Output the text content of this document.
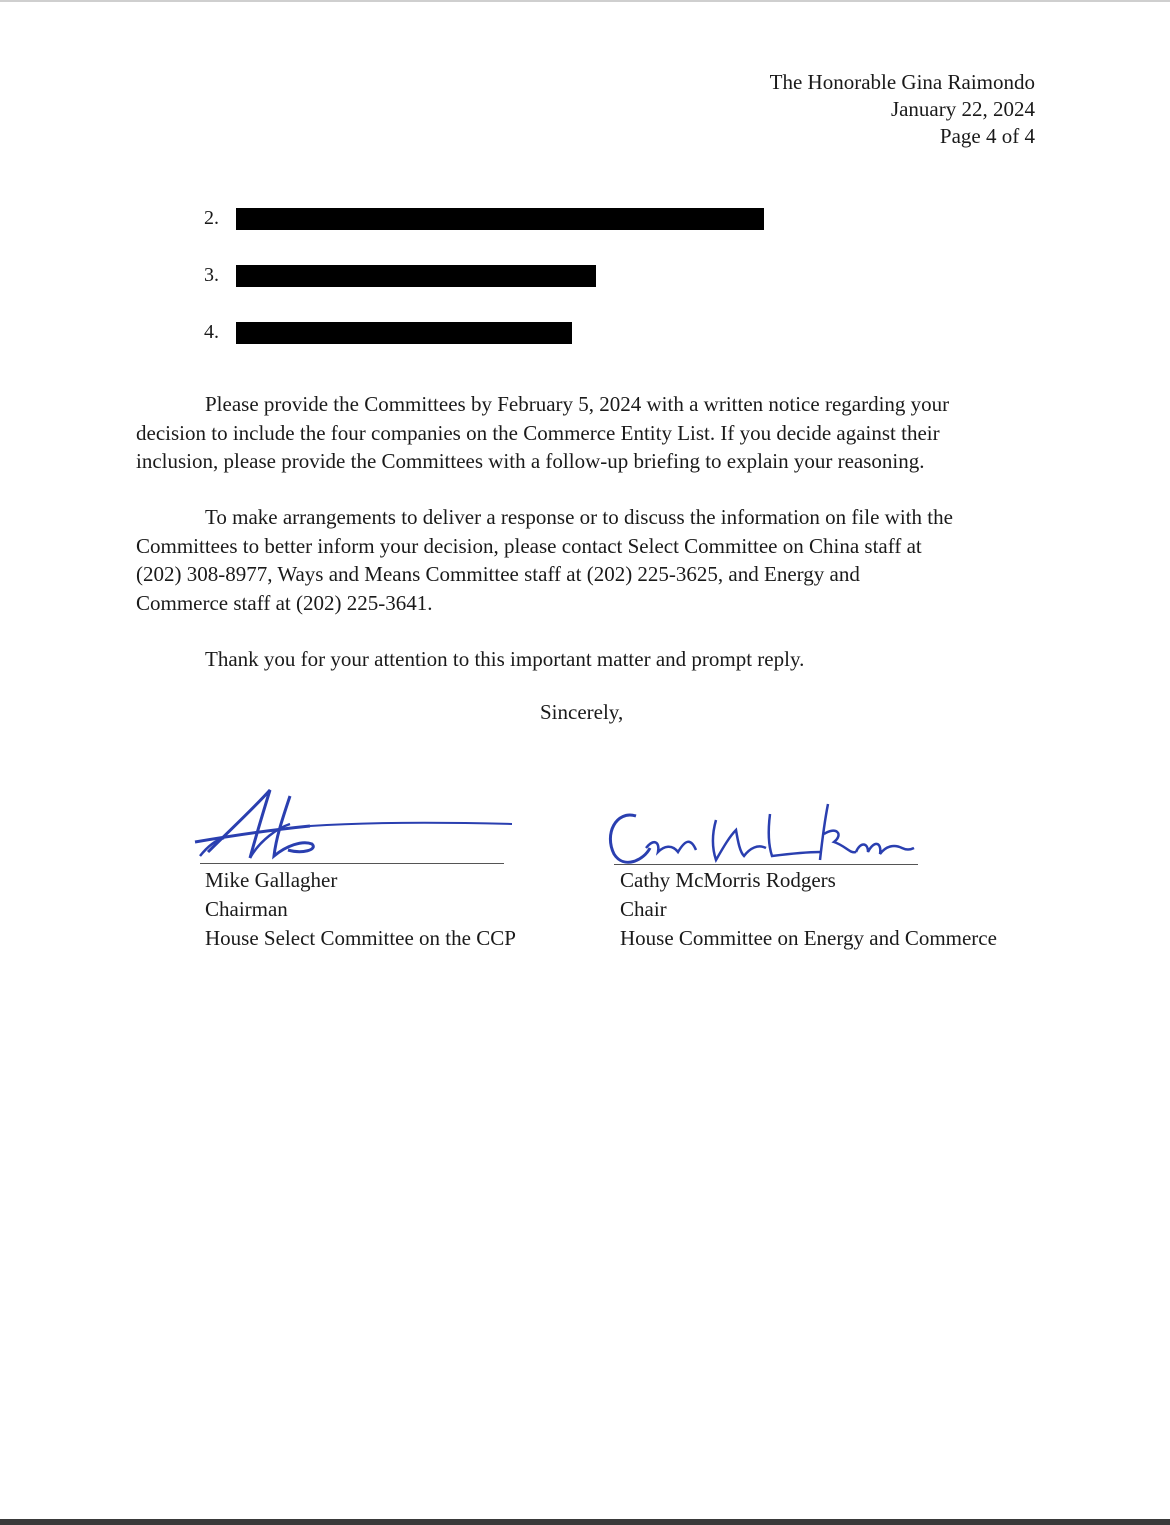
The Honorable Gina Raimondo
January 22, 2024
Page 4 of 4
2.
3.
4.
Please provide the Committees by February 5, 2024 with a written notice regarding your
decision to include the four companies on the Commerce Entity List. If you decide against their
inclusion, please provide the Committees with a follow-up briefing to explain your reasoning.
To make arrangements to deliver a response or to discuss the information on file with the
Committees to better inform your decision, please contact Select Committee on China staff at
(202) 308-8977, Ways and Means Committee staff at (202) 225-3625, and Energy and
Commerce staff at (202) 225-3641.
Thank you for your attention to this important matter and prompt reply.
Sincerely,
Mike Gallagher
Chairman
House Select Committee on the CCP
Cathy McMorris Rodgers
Chair
House Committee on Energy and Commerce
